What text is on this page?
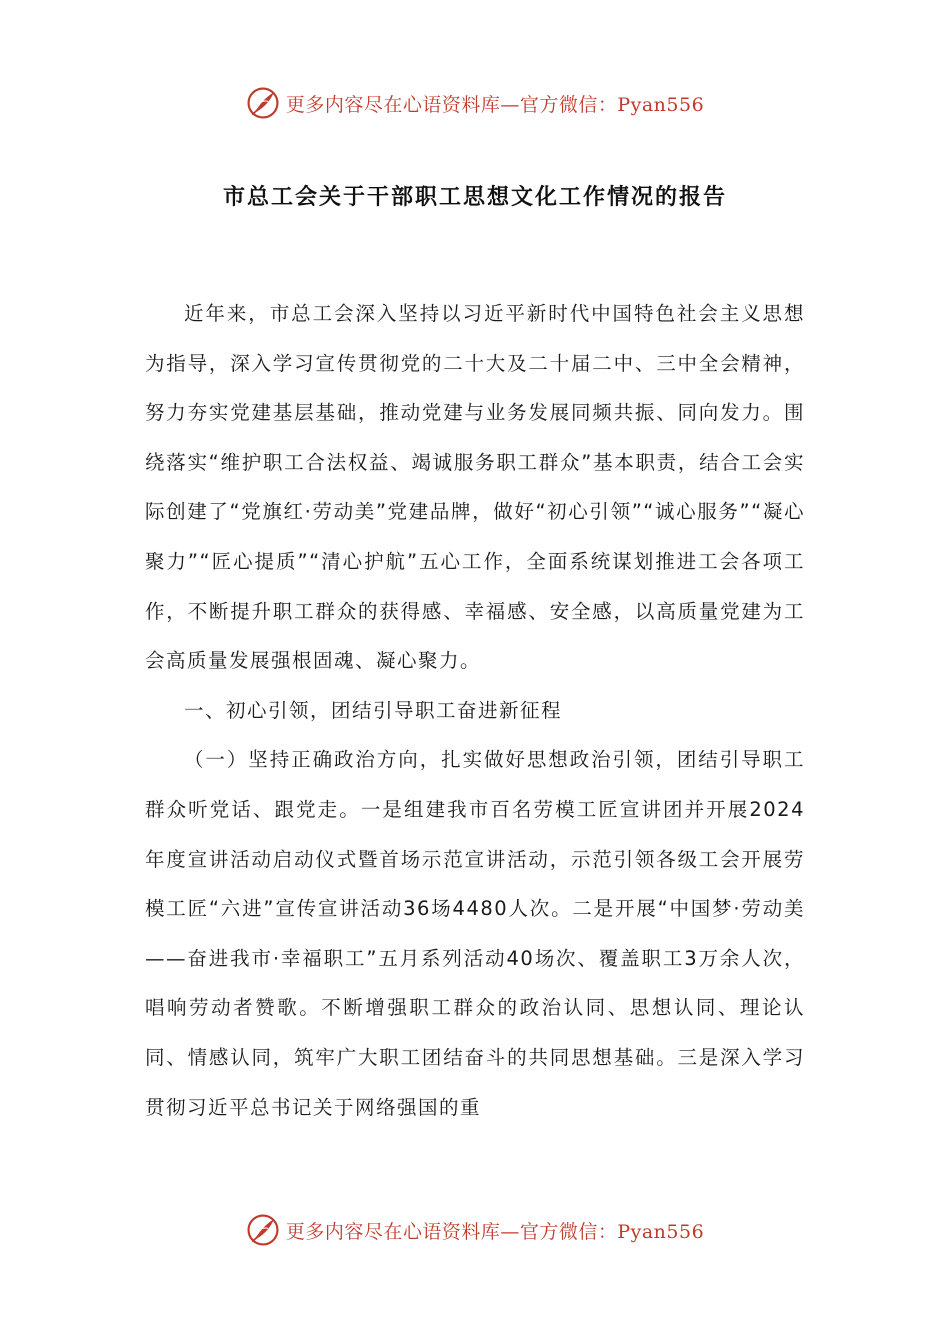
更多内容尽在心语资料库—官方微信：Pyan556
市总工会关于干部职工思想文化工作情况的报告

近年来，市总工会深入坚持以习近平新时代中国特色社会主义思想为指导，深入学习宣传贯彻党的二十大及二十届二中、三中全会精神，努力夯实党建基层基础，推动党建与业务发展同频共振、同向发力。围绕落实“维护职工合法权益、竭诚服务职工群众”基本职责，结合工会实际创建了“党旗红·劳动美”党建品牌，做好“初心引领”“诚心服务”“凝心聚力”“匠心提质”“清心护航”五心工作，全面系统谋划推进工会各项工作，不断提升职工群众的获得感、幸福感、安全感，以高质量党建为工会高质量发展强根固魂、凝心聚力。

一、初心引领，团结引导职工奋进新征程

（一）坚持正确政治方向，扎实做好思想政治引领，团结引导职工群众听党话、跟党走。一是组建我市百名劳模工匠宣讲团并开展2024年度宣讲活动启动仪式暨首场示范宣讲活动，示范引领各级工会开展劳模工匠“六进”宣传宣讲活动36场4480人次。二是开展“中国梦·劳动美——奋进我市·幸福职工”五月系列活动40场次、覆盖职工3万余人次，唱响劳动者赞歌。不断增强职工群众的政治认同、思想认同、理论认同、情感认同，筑牢广大职工团结奋斗的共同思想基础。三是深入学习贯彻习近平总书记关于网络强国的重

更多内容尽在心语资料库—官方微信：Pyan556
